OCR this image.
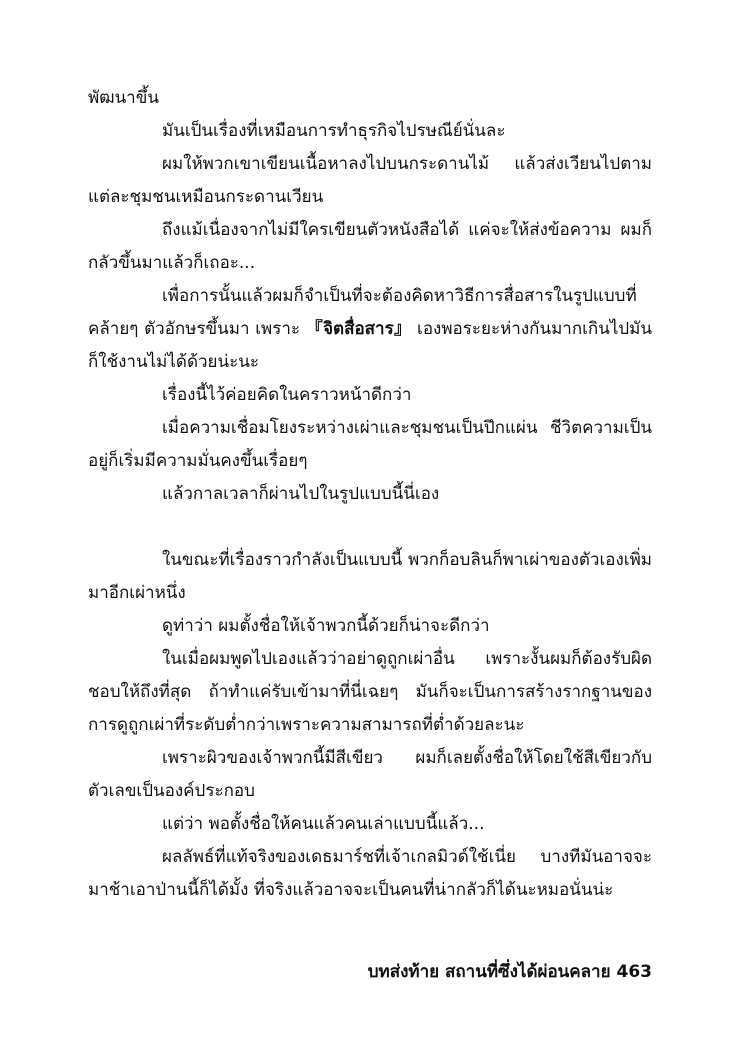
พัฒนาขึ้น

มันเป็นเรื่องที่เหมือนการทำธุรกิจไปรษณีย์นั่นละ

ผมให้พวกเขาเขียนเนื้อหาลงไปบนกระดานไม้ แล้วส่งเวียนไปตามแต่ละชุมชนเหมือนกระดานเวียน

ถึงแม้เนื่องจากไม่มีใครเขียนตัวหนังสือได้ แค่จะให้ส่งข้อความ ผมก็กลัวขึ้นมาแล้วก็เถอะ...

เพื่อการนั้นแล้วผมก็จำเป็นที่จะต้องคิดหาวิธีการสื่อสารในรูปแบบที่คล้ายๆ ตัวอักษรขึ้นมา เพราะ 『จิตสื่อสาร』 เองพอระยะห่างกันมากเกินไปมันก็ใช้งานไม่ได้ด้วยน่ะนะ

เรื่องนี้ไว้ค่อยคิดในคราวหน้าดีกว่า

เมื่อความเชื่อมโยงระหว่างเผ่าและชุมชนเป็นปึกแผ่น ชีวิตความเป็นอยู่ก็เริ่มมีความมั่นคงขึ้นเรื่อยๆ

แล้วกาลเวลาก็ผ่านไปในรูปแบบนี้นี่เอง

ในขณะที่เรื่องราวกำลังเป็นแบบนี้ พวกก็อบลินก็พาเผ่าของตัวเองเพิ่มมาอีกเผ่าหนึ่ง

ดูท่าว่า ผมตั้งชื่อให้เจ้าพวกนี้ด้วยก็น่าจะดีกว่า

ในเมื่อผมพูดไปเองแล้วว่าอย่าดูถูกเผ่าอื่น เพราะงั้นผมก็ต้องรับผิดชอบให้ถึงที่สุด ถ้าทำแค่รับเข้ามาที่นี่เฉยๆ มันก็จะเป็นการสร้างรากฐานของการดูถูกเผ่าที่ระดับต่ำกว่าเพราะความสามารถที่ต่ำด้วยละนะ

เพราะผิวของเจ้าพวกนี้มีสีเขียว ผมก็เลยตั้งชื่อให้โดยใช้สีเขียวกับตัวเลขเป็นองค์ประกอบ

แต่ว่า พอตั้งชื่อให้คนแล้วคนเล่าแบบนี้แล้ว...

ผลลัพธ์ที่แท้จริงของเดธมาร์ชที่เจ้าเกลมิวด์ใช้เนี่ย บางทีมันอาจจะมาช้าเอาป่านนี้ก็ได้มั้ง ที่จริงแล้วอาจจะเป็นคนที่น่ากลัวก็ได้นะหมอนั่นน่ะ

บทส่งท้าย สถานที่ซึ่งได้ผ่อนคลาย 463
